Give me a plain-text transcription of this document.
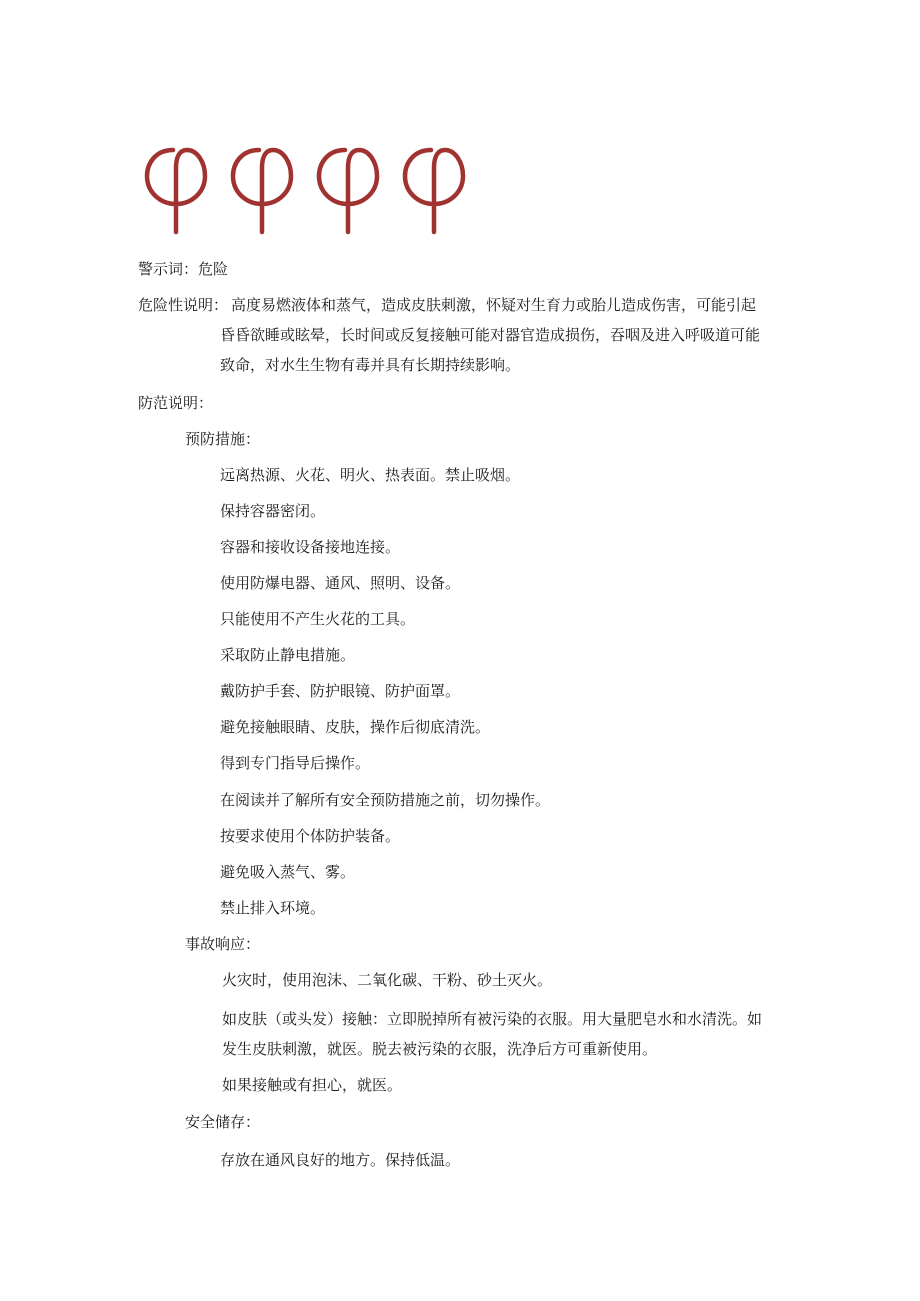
警示词：危险
危险性说明： 高度易燃液体和蒸气，造成皮肤刺激，怀疑对生育力或胎儿造成伤害，可能引起
昏昏欲睡或眩晕，长时间或反复接触可能对器官造成损伤，吞咽及进入呼吸道可能
致命，对水生生物有毒并具有长期持续影响。
防范说明：
预防措施：
远离热源、火花、明火、热表面。禁止吸烟。
保持容器密闭。
容器和接收设备接地连接。
使用防爆电器、通风、照明、设备。
只能使用不产生火花的工具。
采取防止静电措施。
戴防护手套、防护眼镜、防护面罩。
避免接触眼睛、皮肤，操作后彻底清洗。
得到专门指导后操作。
在阅读并了解所有安全预防措施之前，切勿操作。
按要求使用个体防护装备。
避免吸入蒸气、雾。
禁止排入环境。
事故响应：
火灾时，使用泡沫、二氧化碳、干粉、砂土灭火。
如皮肤（或头发）接触：立即脱掉所有被污染的衣服。用大量肥皂水和水清洗。如
发生皮肤刺激，就医。脱去被污染的衣服，洗净后方可重新使用。
如果接触或有担心，就医。
安全储存：
存放在通风良好的地方。保持低温。
